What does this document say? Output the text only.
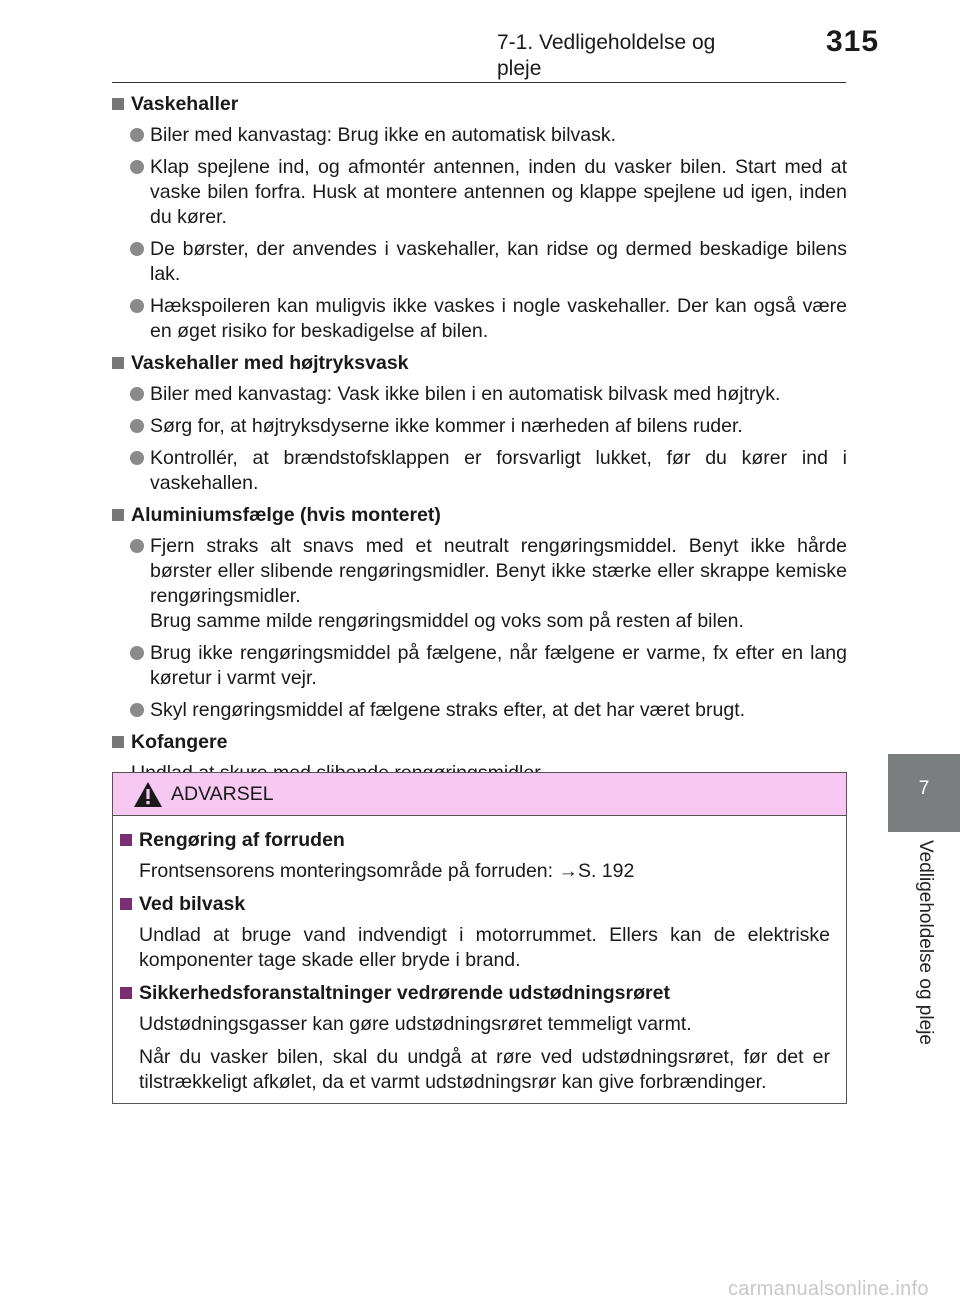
7-1. Vedligeholdelse og pleje
315
7
Vedligeholdelse og pleje
Vaskehaller
Biler med kanvastag: Brug ikke en automatisk bilvask.
Klap spejlene ind, og afmontér antennen, inden du vasker bilen. Start med at vaske bilen forfra. Husk at montere antennen og klappe spejlene ud igen, inden du kører.
De børster, der anvendes i vaskehaller, kan ridse og dermed beskadige bilens lak.
Hækspoileren kan muligvis ikke vaskes i nogle vaskehaller. Der kan også være en øget risiko for beskadigelse af bilen.
Vaskehaller med højtryksvask
Biler med kanvastag: Vask ikke bilen i en automatisk bilvask med højtryk.
Sørg for, at højtryksdyserne ikke kommer i nærheden af bilens ruder.
Kontrollér, at brændstofsklappen er forsvarligt lukket, før du kører ind i vaskehallen.
Aluminiumsfælge (hvis monteret)
Fjern straks alt snavs med et neutralt rengøringsmiddel. Benyt ikke hårde børster eller slibende rengøringsmidler. Benyt ikke stærke eller skrappe kemiske rengøringsmidler.
Brug samme milde rengøringsmiddel og voks som på resten af bilen.
Brug ikke rengøringsmiddel på fælgene, når fælgene er varme, fx efter en lang køretur i varmt vejr.
Skyl rengøringsmiddel af fælgene straks efter, at det har været brugt.
Kofangere
ADVARSEL
Rengøring af forruden
Frontsensorens monteringsområde på forruden: →S. 192
Ved bilvask
Undlad at bruge vand indvendigt i motorrummet. Ellers kan de elektriske komponenter tage skade eller bryde i brand.
Sikkerhedsforanstaltninger vedrørende udstødningsrøret
Udstødningsgasser kan gøre udstødningsrøret temmeligt varmt.
Når du vasker bilen, skal du undgå at røre ved udstødningsrøret, før det er tilstrækkeligt afkølet, da et varmt udstødningsrør kan give forbrændinger.
carmanualsonline.info
